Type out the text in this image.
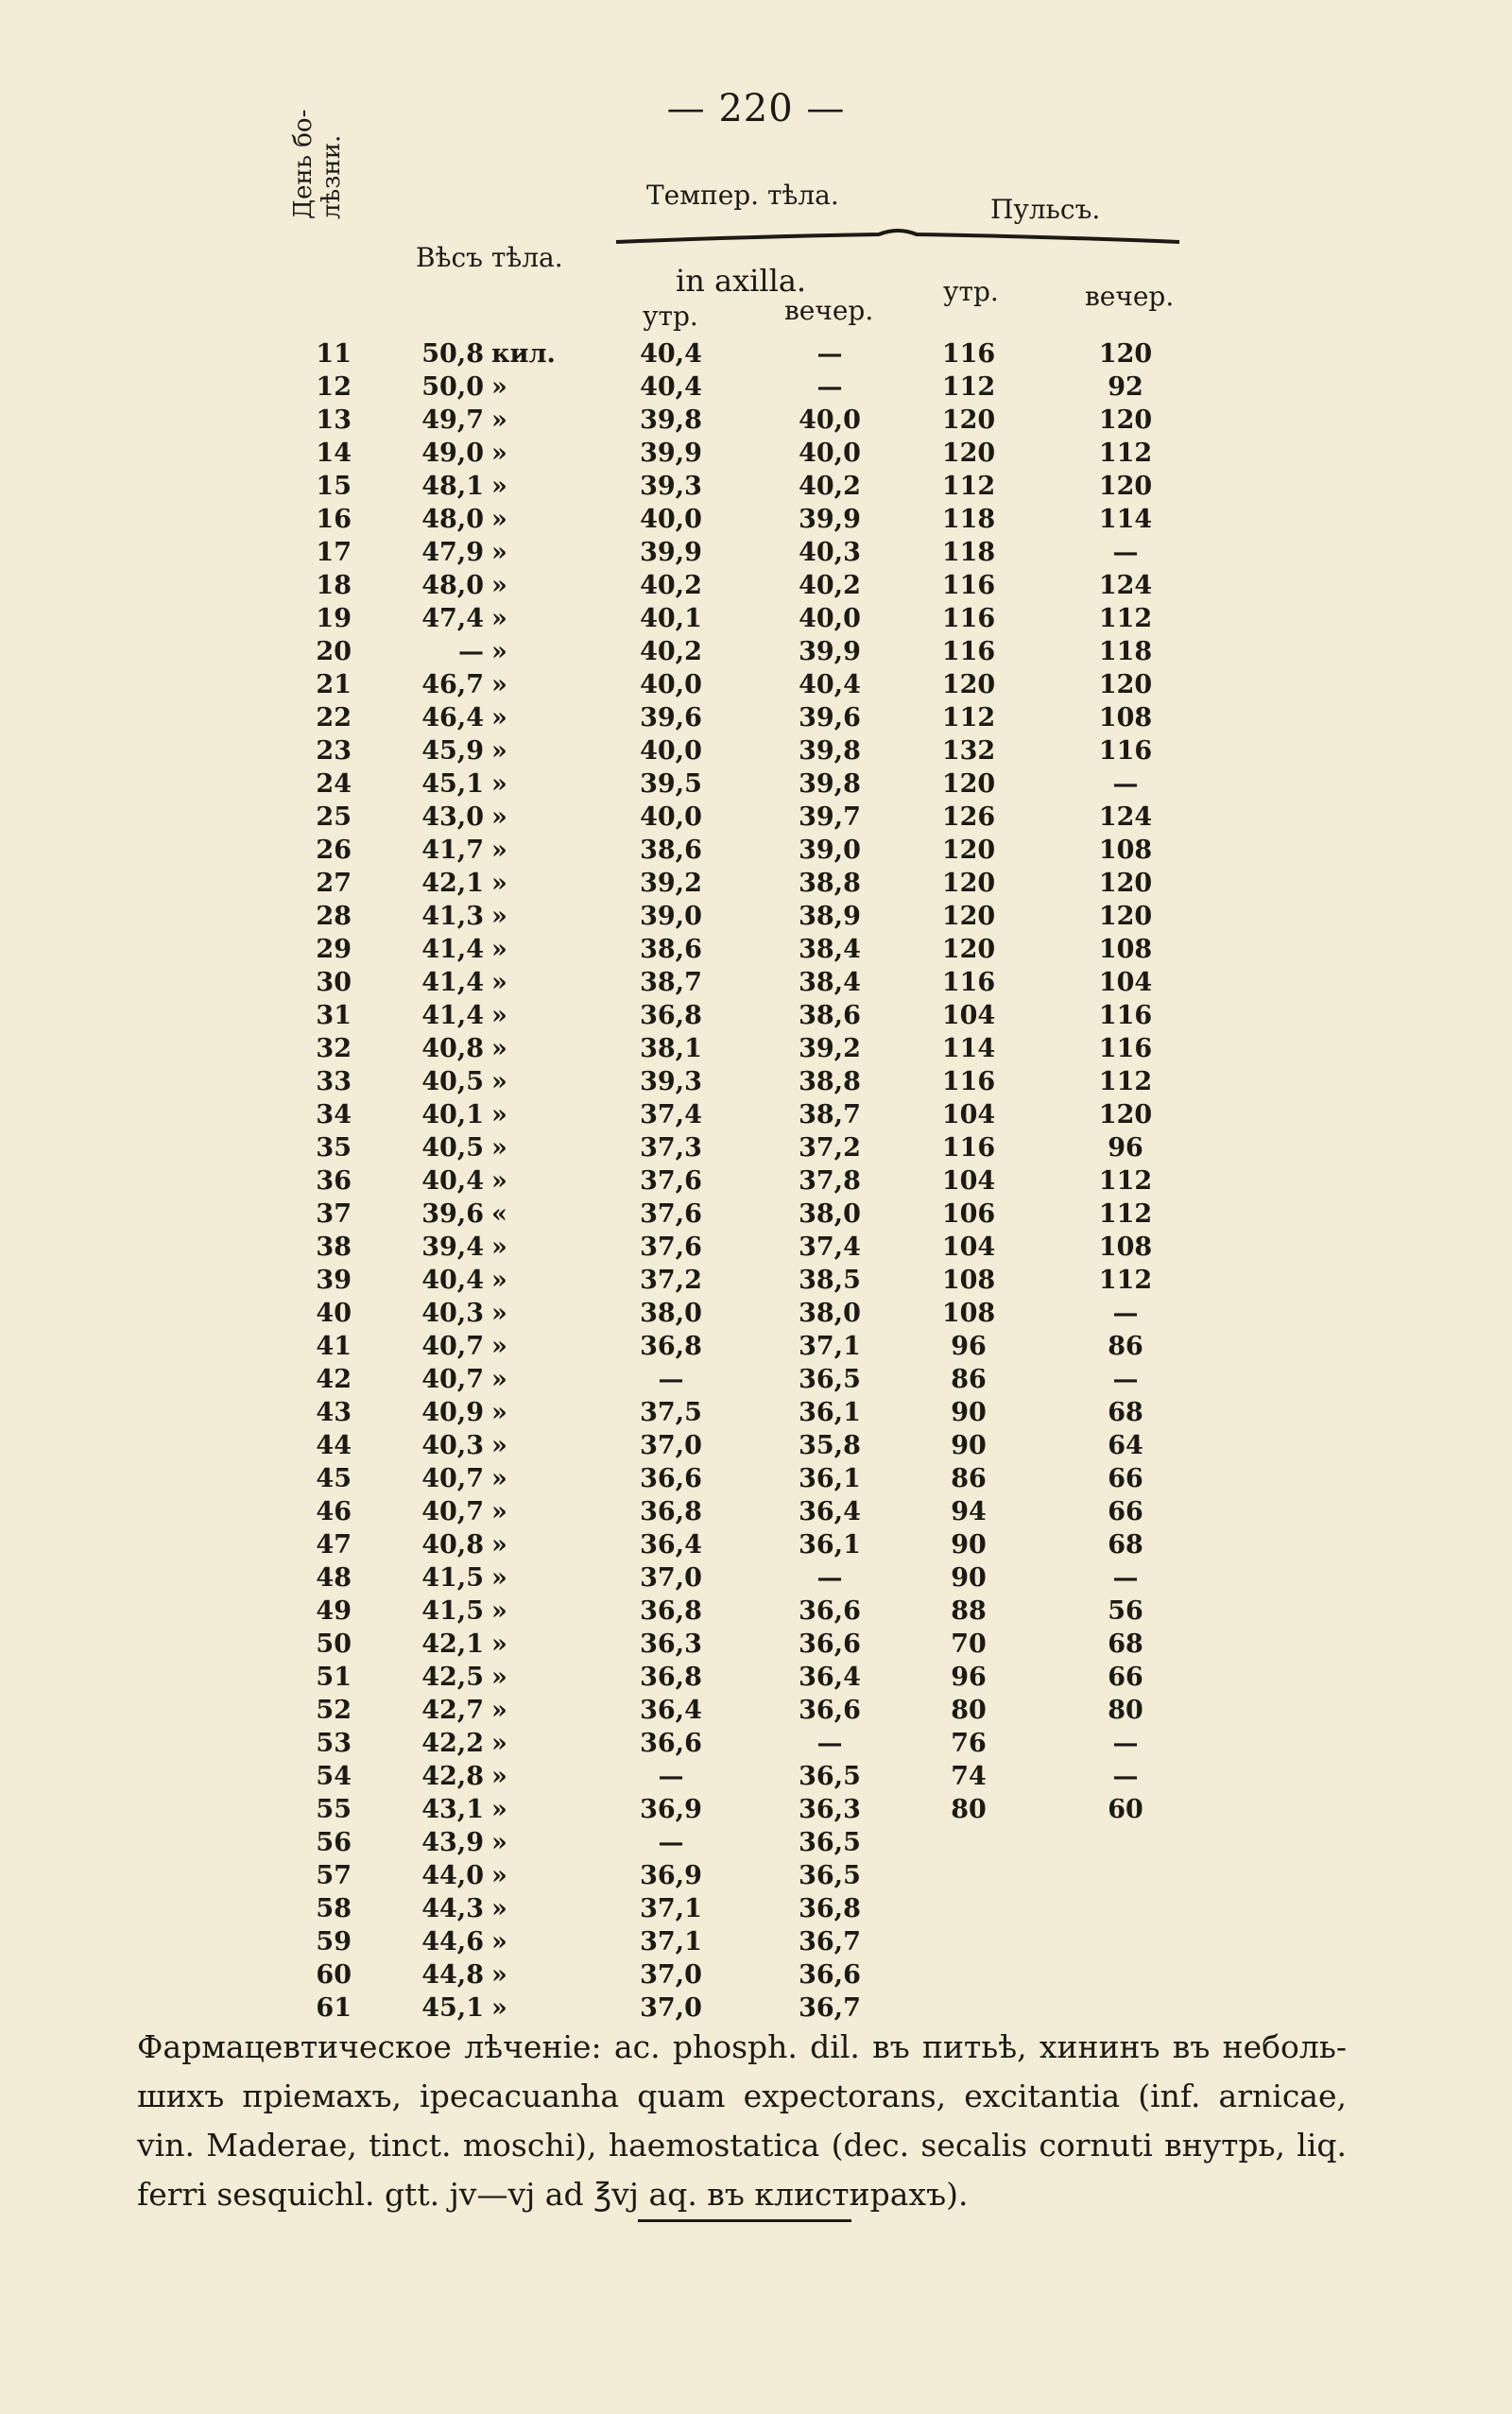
— 220 —
День бо- лѣзни.
Вѣсъ тѣла.
Темпер. тѣла.	Пульсъ.
in axilla.
утр.	вечер.
утр.	вечер.
11	50,8 кил.	40,4	—	116	120
12	50,0 »	40,4	—	112	92
13	49,7 »	39,8	40,0	120	120
14	49,0 »	39,9	40,0	120	112
15	48,1 »	39,3	40,2	112	120
16	48,0 »	40,0	39,9	118	114
17	47,9 »	39,9	40,3	118	—
18	48,0 »	40,2	40,2	116	124
19	47,4 »	40,1	40,0	116	112
20	— »	40,2	39,9	116	118
21	46,7 »	40,0	40,4	120	120
22	46,4 »	39,6	39,6	112	108
23	45,9 »	40,0	39,8	132	116
24	45,1 »	39,5	39,8	120	—
25	43,0 »	40,0	39,7	126	124
26	41,7 »	38,6	39,0	120	108
27	42,1 »	39,2	38,8	120	120
28	41,3 »	39,0	38,9	120	120
29	41,4 »	38,6	38,4	120	108
30	41,4 »	38,7	38,4	116	104
31	41,4 »	36,8	38,6	104	116
32	40,8 »	38,1	39,2	114	116
33	40,5 »	39,3	38,8	116	112
34	40,1 »	37,4	38,7	104	120
35	40,5 »	37,3	37,2	116	96
36	40,4 »	37,6	37,8	104	112
37	39,6 «	37,6	38,0	106	112
38	39,4 »	37,6	37,4	104	108
39	40,4 »	37,2	38,5	108	112
40	40,3 »	38,0	38,0	108	—
41	40,7 »	36,8	37,1	96	86
42	40,7 »	—	36,5	86	—
43	40,9 »	37,5	36,1	90	68
44	40,3 »	37,0	35,8	90	64
45	40,7 »	36,6	36,1	86	66
46	40,7 »	36,8	36,4	94	66
47	40,8 »	36,4	36,1	90	68
48	41,5 »	37,0	—	90	—
49	41,5 »	36,8	36,6	88	56
50	42,1 »	36,3	36,6	70	68
51	42,5 »	36,8	36,4	96	66
52	42,7 »	36,4	36,6	80	80
53	42,2 »	36,6	—	76	—
54	42,8 »	—	36,5	74	—
55	43,1 »	36,9	36,3	80	60
56	43,9 »	—	36,5
57	44,0 »	36,9	36,5
58	44,3 »	37,1	36,8
59	44,6 »	37,1	36,7
60	44,8 »	37,0	36,6
61	45,1 »	37,0	36,7
Фармацевтическое лѣченіе: ac. phosph. dil. въ питьѣ, хининъ въ небольшихъ пріемахъ, ipecacuanha quam expectorans, excitantia (inf. arnicae, vin. Maderae, tinct. moschi), haemostatica (dec. secalis cornuti внутрь, liq. ferri sesquichl. gtt. jv—vj ad ℥vj aq. въ клистирахъ).
